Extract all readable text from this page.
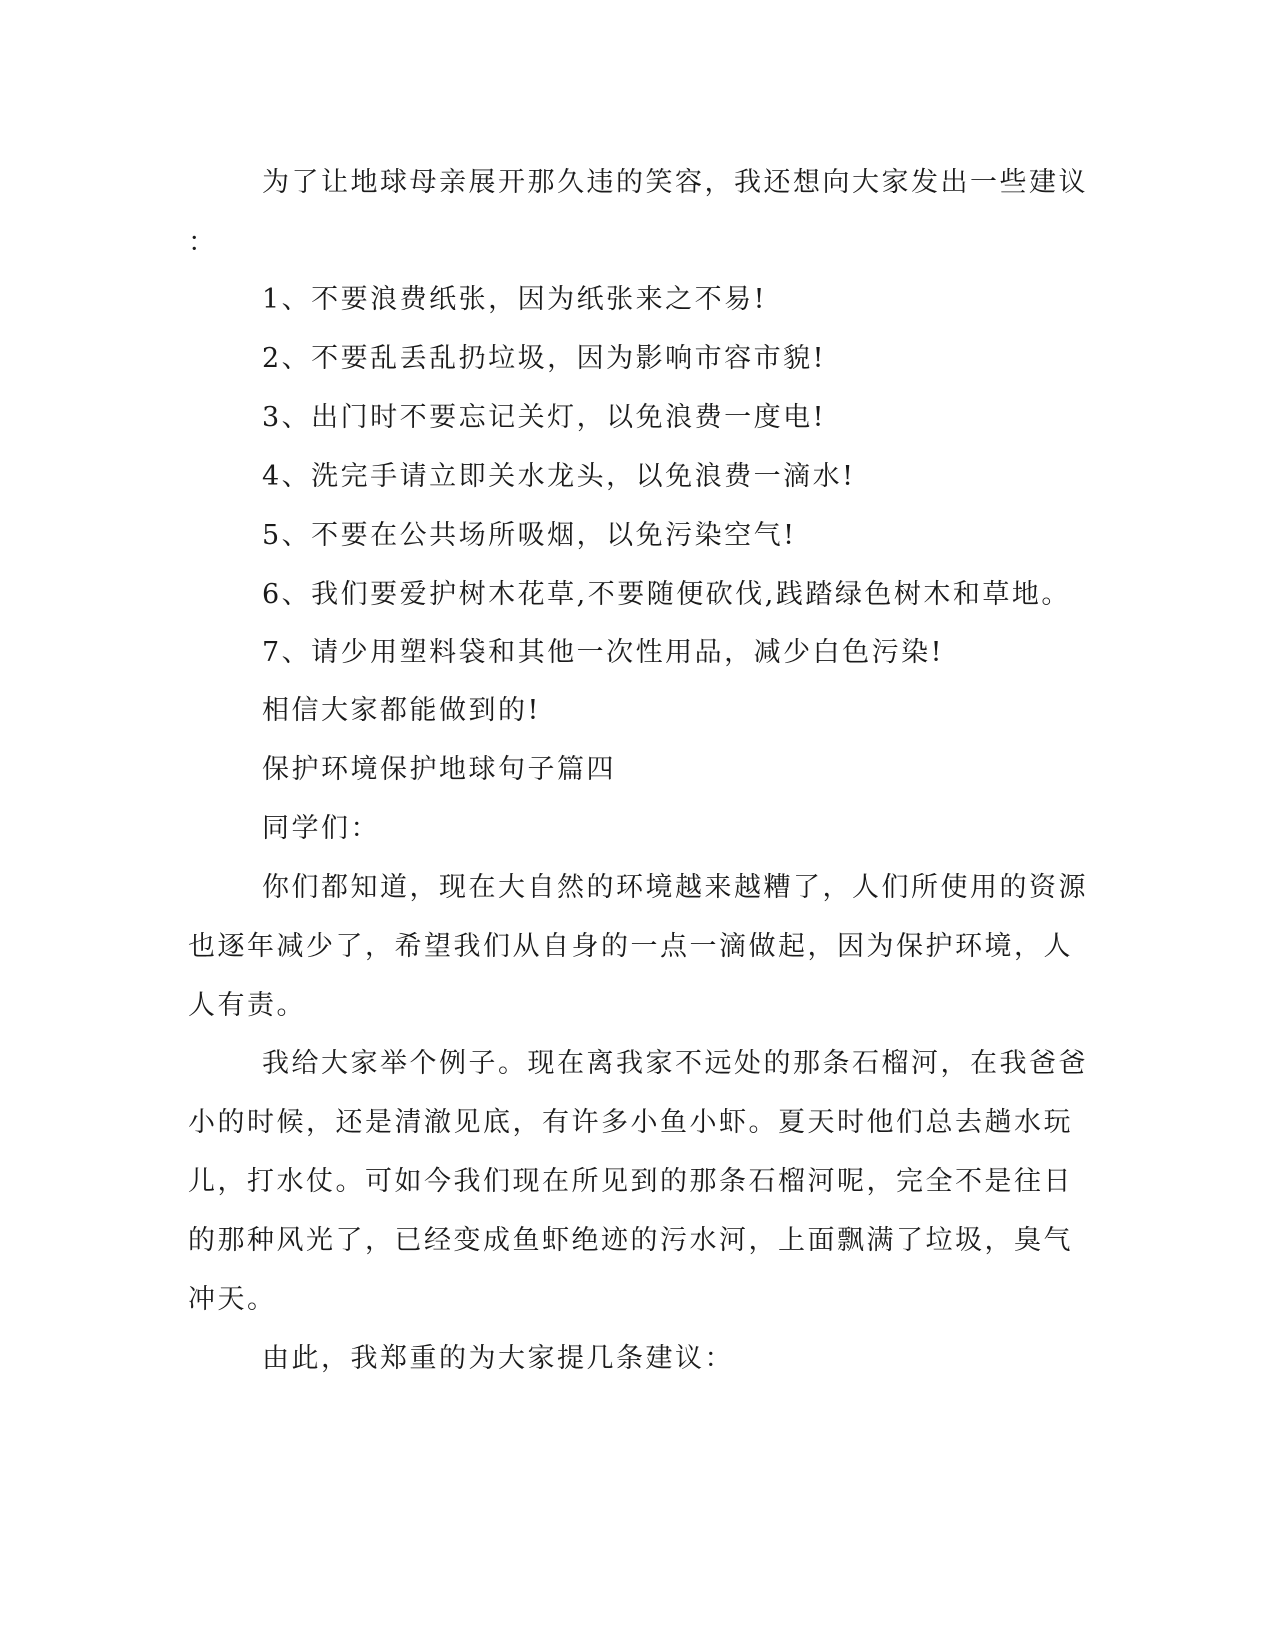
为了让地球母亲展开那久违的笑容，我还想向大家发出一些建议
：
1、不要浪费纸张，因为纸张来之不易!
2、不要乱丢乱扔垃圾，因为影响市容市貌!
3、出门时不要忘记关灯，以免浪费一度电!
4、洗完手请立即关水龙头，以免浪费一滴水!
5、不要在公共场所吸烟，以免污染空气!
6、我们要爱护树木花草,不要随便砍伐,践踏绿色树木和草地。
7、请少用塑料袋和其他一次性用品，减少白色污染!
相信大家都能做到的!
保护环境保护地球句子篇四
同学们：
你们都知道，现在大自然的环境越来越糟了，人们所使用的资源
也逐年减少了，希望我们从自身的一点一滴做起，因为保护环境，人
人有责。
我给大家举个例子。现在离我家不远处的那条石榴河，在我爸爸
小的时候，还是清澈见底，有许多小鱼小虾。夏天时他们总去趟水玩
儿，打水仗。可如今我们现在所见到的那条石榴河呢，完全不是往日
的那种风光了，已经变成鱼虾绝迹的污水河，上面飘满了垃圾，臭气
冲天。
由此，我郑重的为大家提几条建议：
